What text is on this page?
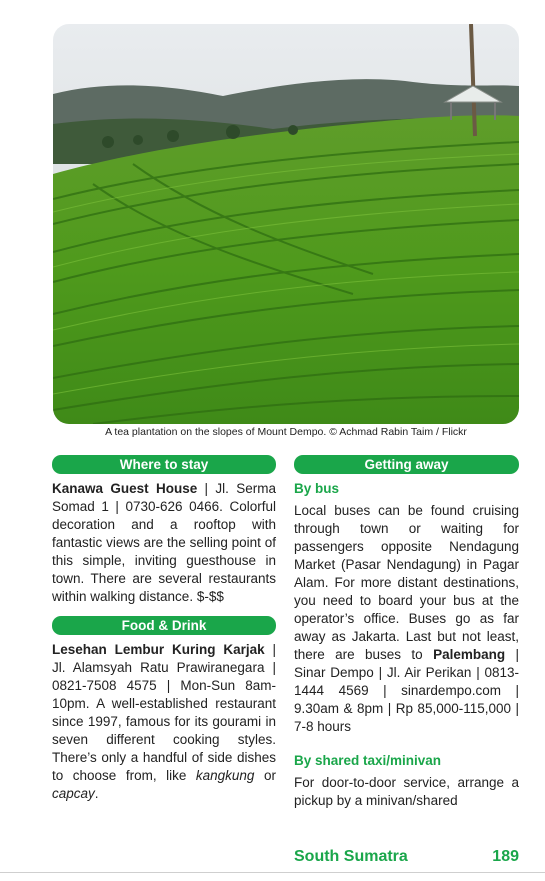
A tea plantation on the slopes of Mount Dempo. © Achmad Rabin Taim / Flickr
Where to stay

Kanawa Guest House | Jl. Serma Somad 1 | 0730-626 0466. Colorful decoration and a rooftop with fantastic views are the selling point of this simple, inviting guesthouse in town. There are several restaurants within walking distance. $-$$

Food & Drink

Lesehan Lembur Kuring Karjak | Jl. Alamsyah Ratu Prawiranegara | 0821-7508 4575 | Mon-Sun 8am-10pm. A well-established restaurant since 1997, famous for its gourami in seven different cooking styles. There’s only a handful of side dishes to choose from, like kangkung or capcay.

Getting away
By bus

Local buses can be found cruising through town or waiting for passengers opposite Nendagung Market (Pasar Nendagung) in Pagar Alam. For more distant destinations, you need to board your bus at the operator’s office. Buses go as far away as Jakarta. Last but not least, there are buses to Palembang | Sinar Dempo | Jl. Air Perikan | 0813-1444 4569 | sinardempo.com | 9.30am & 8pm | Rp 85,000-115,000 | 7-8 hours

By shared taxi/minivan

For door-to-door service, arrange a pickup by a minivan/shared

South Sumatra	189
